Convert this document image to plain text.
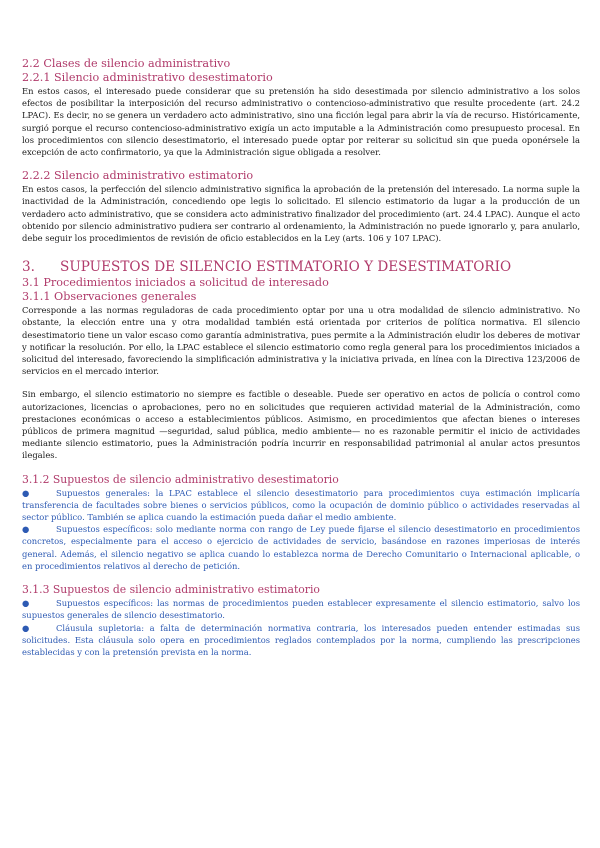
2.2 Clases de silencio administrativo
2.2.1 Silencio administrativo desestimatorio

En estos casos, el interesado puede considerar que su pretensión ha sido desestimada por silencio administrativo a los solos efectos de posibilitar la interposición del recurso administrativo o contencioso-administrativo que resulte procedente (art. 24.2 LPAC). Es decir, no se genera un verdadero acto administrativo, sino una ficción legal para abrir la vía de recurso. Históricamente, surgió porque el recurso contencioso-administrativo exigía un acto imputable a la Administración como presupuesto procesal. En los procedimientos con silencio desestimatorio, el interesado puede optar por reiterar su solicitud sin que pueda oponérsele la excepción de acto confirmatorio, ya que la Administración sigue obligada a resolver.

2.2.2 Silencio administrativo estimatorio

En estos casos, la perfección del silencio administrativo significa la aprobación de la pretensión del interesado. La norma suple la inactividad de la Administración, concediendo ope legis lo solicitado. El silencio estimatorio da lugar a la producción de un verdadero acto administrativo, que se considera acto administrativo finalizador del procedimiento (art. 24.4 LPAC). Aunque el acto obtenido por silencio administrativo pudiera ser contrario al ordenamiento, la Administración no puede ignorarlo y, para anularlo, debe seguir los procedimientos de revisión de oficio establecidos en la Ley (arts. 106 y 107 LPAC).

3.	SUPUESTOS DE SILENCIO ESTIMATORIO Y DESESTIMATORIO
3.1 Procedimientos iniciados a solicitud de interesado
3.1.1 Observaciones generales

Corresponde a las normas reguladoras de cada procedimiento optar por una u otra modalidad de silencio administrativo. No obstante, la elección entre una y otra modalidad también está orientada por criterios de política normativa. El silencio desestimatorio tiene un valor escaso como garantía administrativa, pues permite a la Administración eludir los deberes de motivar y notificar la resolución. Por ello, la LPAC establece el silencio estimatorio como regla general para los procedimientos iniciados a solicitud del interesado, favoreciendo la simplificación administrativa y la iniciativa privada, en línea con la Directiva 123/2006 de servicios en el mercado interior.

Sin embargo, el silencio estimatorio no siempre es factible o deseable. Puede ser operativo en actos de policía o control como autorizaciones, licencias o aprobaciones, pero no en solicitudes que requieren actividad material de la Administración, como prestaciones económicas o acceso a establecimientos públicos. Asimismo, en procedimientos que afectan bienes o intereses públicos de primera magnitud —seguridad, salud pública, medio ambiente— no es razonable permitir el inicio de actividades mediante silencio estimatorio, pues la Administración podría incurrir en responsabilidad patrimonial al anular actos presuntos ilegales.

3.1.2 Supuestos de silencio administrativo desestimatorio

●	Supuestos generales: la LPAC establece el silencio desestimatorio para procedimientos cuya estimación implicaría transferencia de facultades sobre bienes o servicios públicos, como la ocupación de dominio público o actividades reservadas al sector público. También se aplica cuando la estimación pueda dañar el medio ambiente.

●	Supuestos específicos: solo mediante norma con rango de Ley puede fijarse el silencio desestimatorio en procedimientos concretos, especialmente para el acceso o ejercicio de actividades de servicio, basándose en razones imperiosas de interés general. Además, el silencio negativo se aplica cuando lo establezca norma de Derecho Comunitario o Internacional aplicable, o en procedimientos relativos al derecho de petición.

3.1.3 Supuestos de silencio administrativo estimatorio

●	Supuestos específicos: las normas de procedimientos pueden establecer expresamente el silencio estimatorio, salvo los supuestos generales de silencio desestimatorio.

●	Cláusula supletoria: a falta de determinación normativa contraria, los interesados pueden entender estimadas sus solicitudes. Esta cláusula solo opera en procedimientos reglados contemplados por la norma, cumpliendo las prescripciones establecidas y con la pretensión prevista en la norma.
